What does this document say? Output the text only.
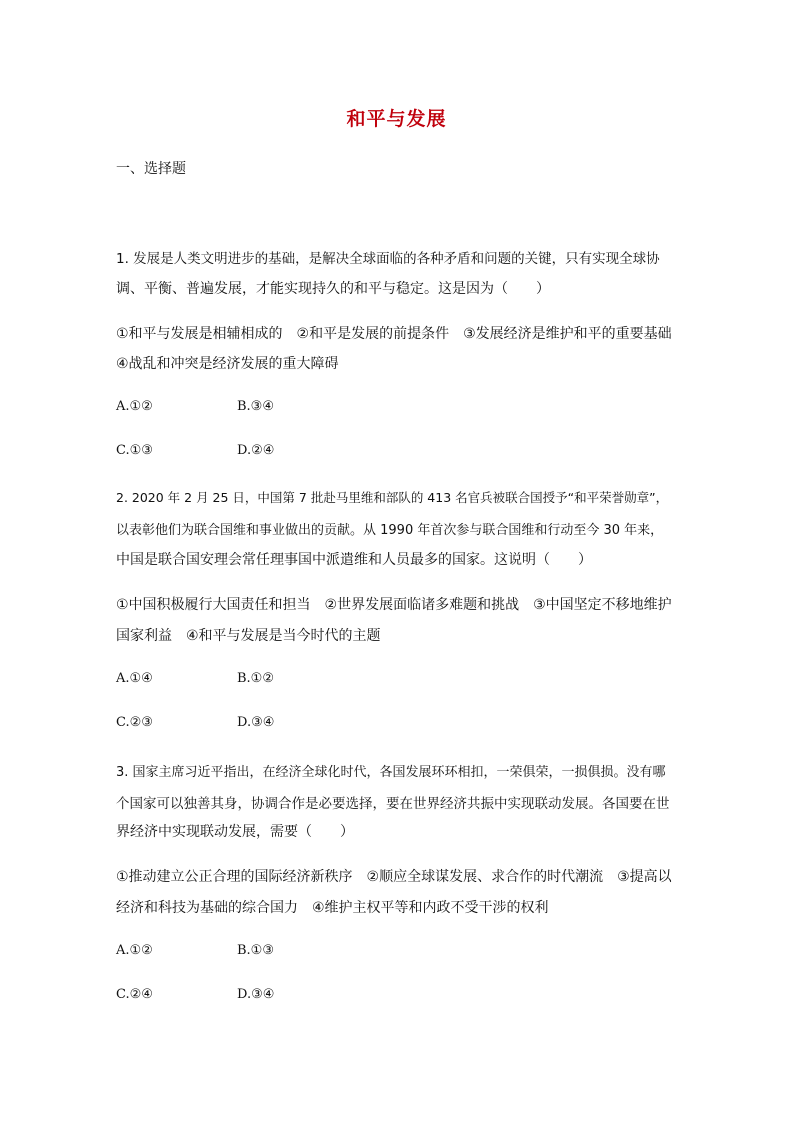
和平与发展
一、选择题
1. 发展是人类文明进步的基础，是解决全球面临的各种矛盾和问题的关键，只有实现全球协
调、平衡、普遍发展，才能实现持久的和平与稳定。这是因为（　　）
①和平与发展是相辅相成的　②和平是发展的前提条件　③发展经济是维护和平的重要基础
④战乱和冲突是经济发展的重大障碍
A.①②	B.③④
C.①③	D.②④
2. 2020 年 2 月 25 日，中国第 7 批赴马里维和部队的 413 名官兵被联合国授予“和平荣誉勋章”，
以表彰他们为联合国维和事业做出的贡献。从 1990 年首次参与联合国维和行动至今 30 年来，
中国是联合国安理会常任理事国中派遣维和人员最多的国家。这说明（　　）
①中国积极履行大国责任和担当　②世界发展面临诸多难题和挑战　③中国坚定不移地维护
国家利益　④和平与发展是当今时代的主题
A.①④	B.①②
C.②③	D.③④
3. 国家主席习近平指出，在经济全球化时代，各国发展环环相扣，一荣俱荣，一损俱损。没有哪
个国家可以独善其身，协调合作是必要选择，要在世界经济共振中实现联动发展。各国要在世
界经济中实现联动发展，需要（　　）
①推动建立公正合理的国际经济新秩序　②顺应全球谋发展、求合作的时代潮流　③提高以
经济和科技为基础的综合国力　④维护主权平等和内政不受干涉的权利
A.①②	B.①③
C.②④	D.③④
